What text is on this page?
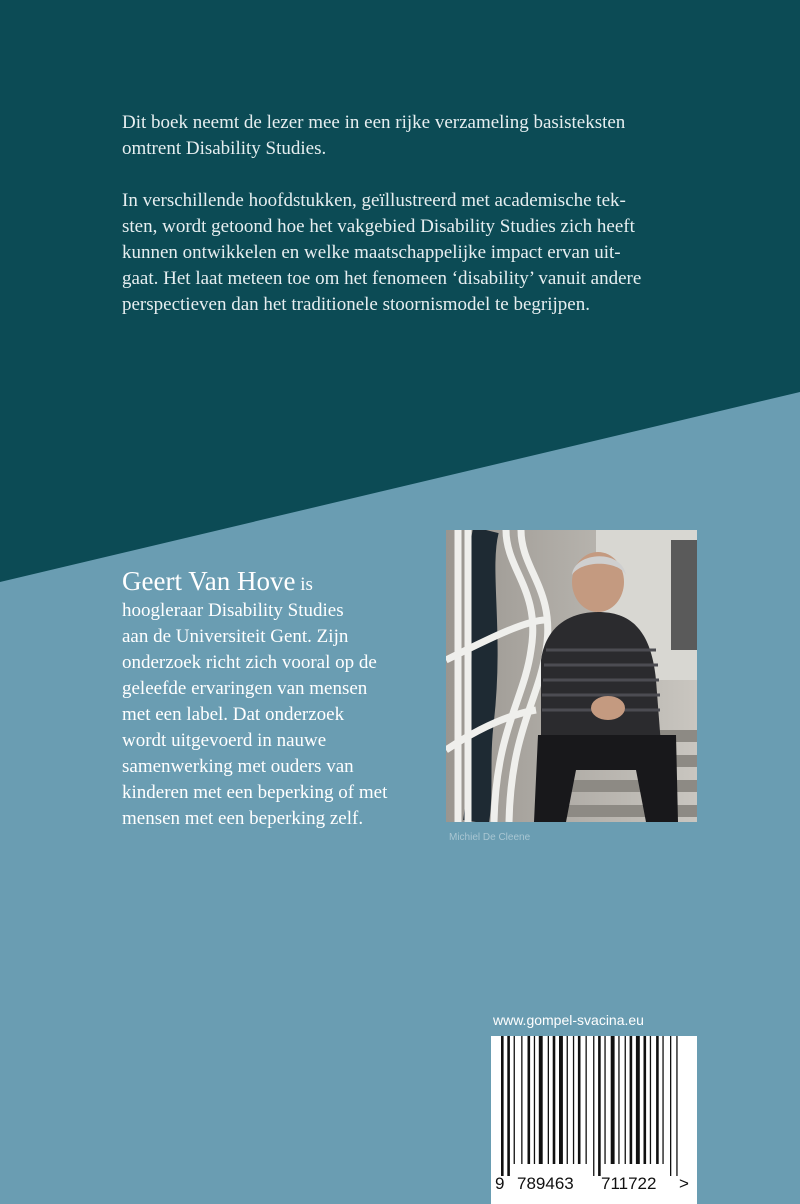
Dit boek neemt de lezer mee in een rijke verzameling basisteksten
omtrent Disability Studies.

In verschillende hoofdstukken, geïllustreerd met academische tek-
sten, wordt getoond hoe het vakgebied Disability Studies zich heeft
kunnen ontwikkelen en welke maatschappelijke impact ervan uit-
gaat. Het laat meteen toe om het fenomeen ‘disability’ vanuit andere
perspectieven dan het traditionele stoornismodel te begrijpen.

Geert Van Hove is
hoogleraar Disability Studies
aan de Universiteit Gent. Zijn
onderzoek richt zich vooral op de
geleefde ervaringen van mensen
met een label. Dat onderzoek
wordt uitgevoerd in nauwe
samenwerking met ouders van
kinderen met een beperking of met
mensen met een beperking zelf.
Michiel De Cleene
www.gompel-svacina.eu
9 789463 711722 >
